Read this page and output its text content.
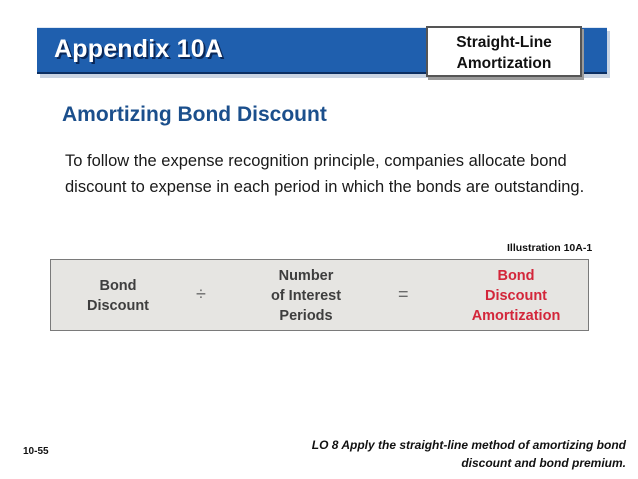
Appendix 10A	Straight-Line
Amortization
Amortizing Bond Discount
To follow the expense recognition principle, companies allocate bond discount to expense in each period in which the bonds are outstanding.
Illustration 10A-1
Bond
Discount
÷
Number
of Interest
Periods
=
Bond
Discount
Amortization
LO 8 Apply the straight-line method of amortizing bond
discount and bond premium.
10-55
